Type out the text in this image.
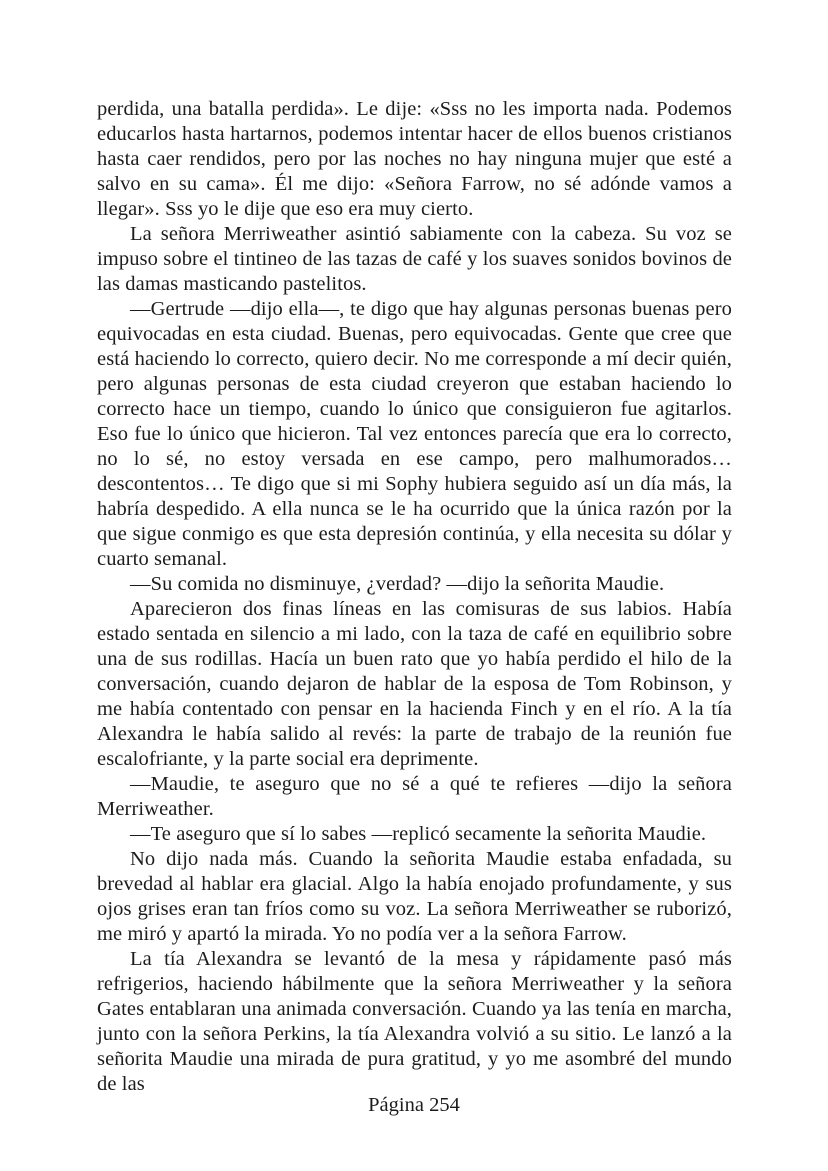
perdida, una batalla perdida». Le dije: «Sss no les importa nada. Podemos educarlos hasta hartarnos, podemos intentar hacer de ellos buenos cristianos hasta caer rendidos, pero por las noches no hay ninguna mujer que esté a salvo en su cama». Él me dijo: «Señora Farrow, no sé adónde vamos a llegar». Sss yo le dije que eso era muy cierto.

La señora Merriweather asintió sabiamente con la cabeza. Su voz se impuso sobre el tintineo de las tazas de café y los suaves sonidos bovinos de las damas masticando pastelitos.

—Gertrude —dijo ella—, te digo que hay algunas personas buenas pero equivocadas en esta ciudad. Buenas, pero equivocadas. Gente que cree que está haciendo lo correcto, quiero decir. No me corresponde a mí decir quién, pero algunas personas de esta ciudad creyeron que estaban haciendo lo correcto hace un tiempo, cuando lo único que consiguieron fue agitarlos. Eso fue lo único que hicieron. Tal vez entonces parecía que era lo correcto, no lo sé, no estoy versada en ese campo, pero malhumorados… descontentos… Te digo que si mi Sophy hubiera seguido así un día más, la habría despedido. A ella nunca se le ha ocurrido que la única razón por la que sigue conmigo es que esta depresión continúa, y ella necesita su dólar y cuarto semanal.

—Su comida no disminuye, ¿verdad? —dijo la señorita Maudie.

Aparecieron dos finas líneas en las comisuras de sus labios. Había estado sentada en silencio a mi lado, con la taza de café en equilibrio sobre una de sus rodillas. Hacía un buen rato que yo había perdido el hilo de la conversación, cuando dejaron de hablar de la esposa de Tom Robinson, y me había contentado con pensar en la hacienda Finch y en el río. A la tía Alexandra le había salido al revés: la parte de trabajo de la reunión fue escalofriante, y la parte social era deprimente.

—Maudie, te aseguro que no sé a qué te refieres —dijo la señora Merriweather.

—Te aseguro que sí lo sabes —replicó secamente la señorita Maudie.

No dijo nada más. Cuando la señorita Maudie estaba enfadada, su brevedad al hablar era glacial. Algo la había enojado profundamente, y sus ojos grises eran tan fríos como su voz. La señora Merriweather se ruborizó, me miró y apartó la mirada. Yo no podía ver a la señora Farrow.

La tía Alexandra se levantó de la mesa y rápidamente pasó más refrigerios, haciendo hábilmente que la señora Merriweather y la señora Gates entablaran una animada conversación. Cuando ya las tenía en marcha, junto con la señora Perkins, la tía Alexandra volvió a su sitio. Le lanzó a la señorita Maudie una mirada de pura gratitud, y yo me asombré del mundo de las

Página 254
